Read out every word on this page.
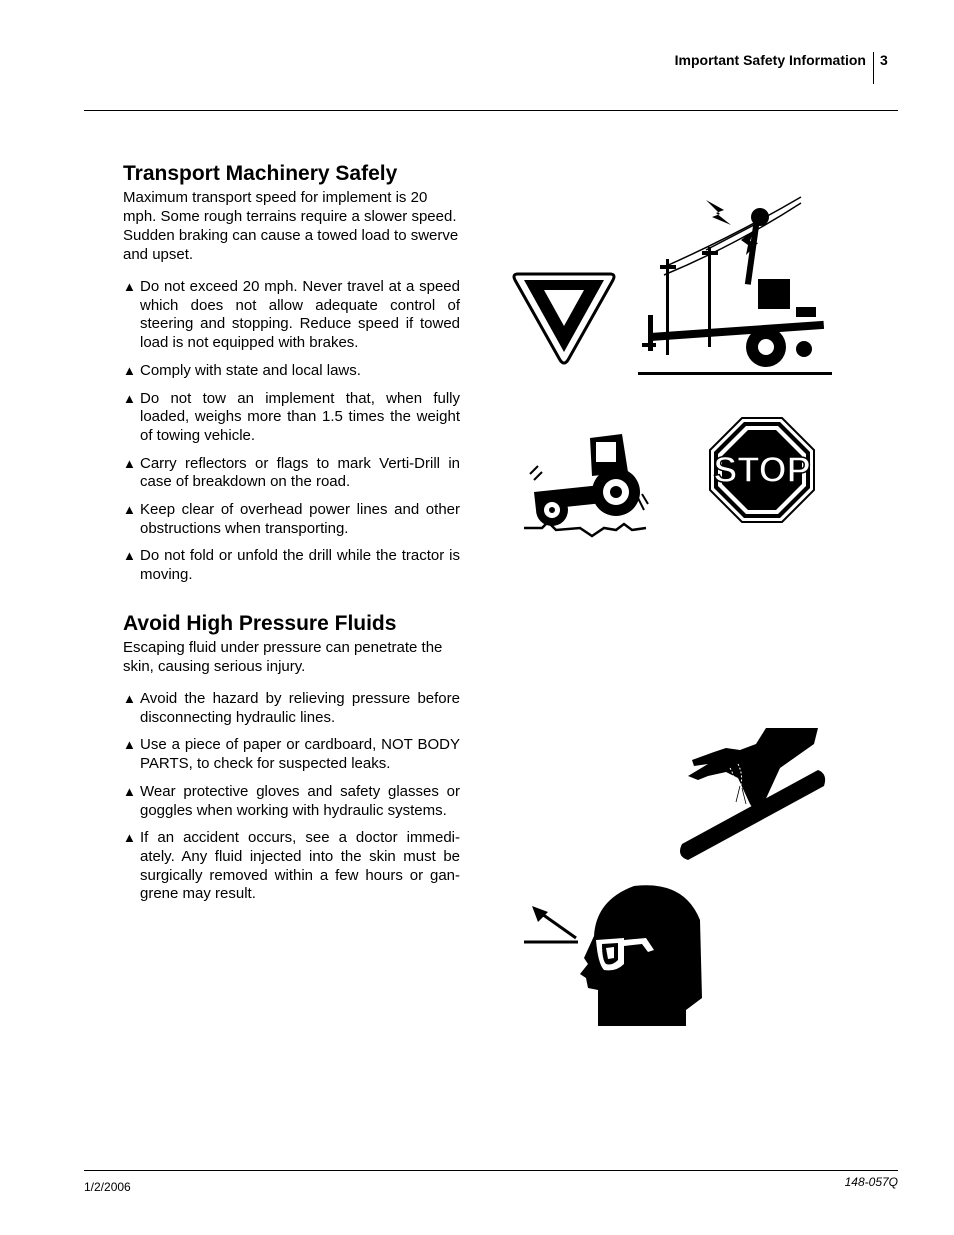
Important Safety Information 3
Transport Machinery Safely

Maximum transport speed for implement is 20 mph. Some rough terrains require a slower speed. Sudden braking can cause a towed load to swerve and upset.

▲ Do not exceed 20 mph. Never travel at a speed which does not allow adequate control of steering and stopping. Reduce speed if towed load is not equipped with brakes.
▲ Comply with state and local laws.
▲ Do not tow an implement that, when fully loaded, weighs more than 1.5 times the weight of towing vehicle.
▲ Carry reflectors or flags to mark Verti-Drill in case of breakdown on the road.
▲ Keep clear of overhead power lines and other obstructions when transporting.
▲ Do not fold or unfold the drill while the tractor is moving.
Avoid High Pressure Fluids

Escaping fluid under pressure can penetrate the skin, causing serious injury.

▲ Avoid the hazard by relieving pressure before disconnecting hydraulic lines.
▲ Use a piece of paper or cardboard, NOT BODY PARTS, to check for suspected leaks.
▲ Wear protective gloves and safety glasses or goggles when working with hydraulic systems.
▲ If an accident occurs, see a doctor immedi-ately. Any fluid injected into the skin must be surgically removed within a few hours or gan-grene may result.
STOP
1/2/2006	148-057Q
